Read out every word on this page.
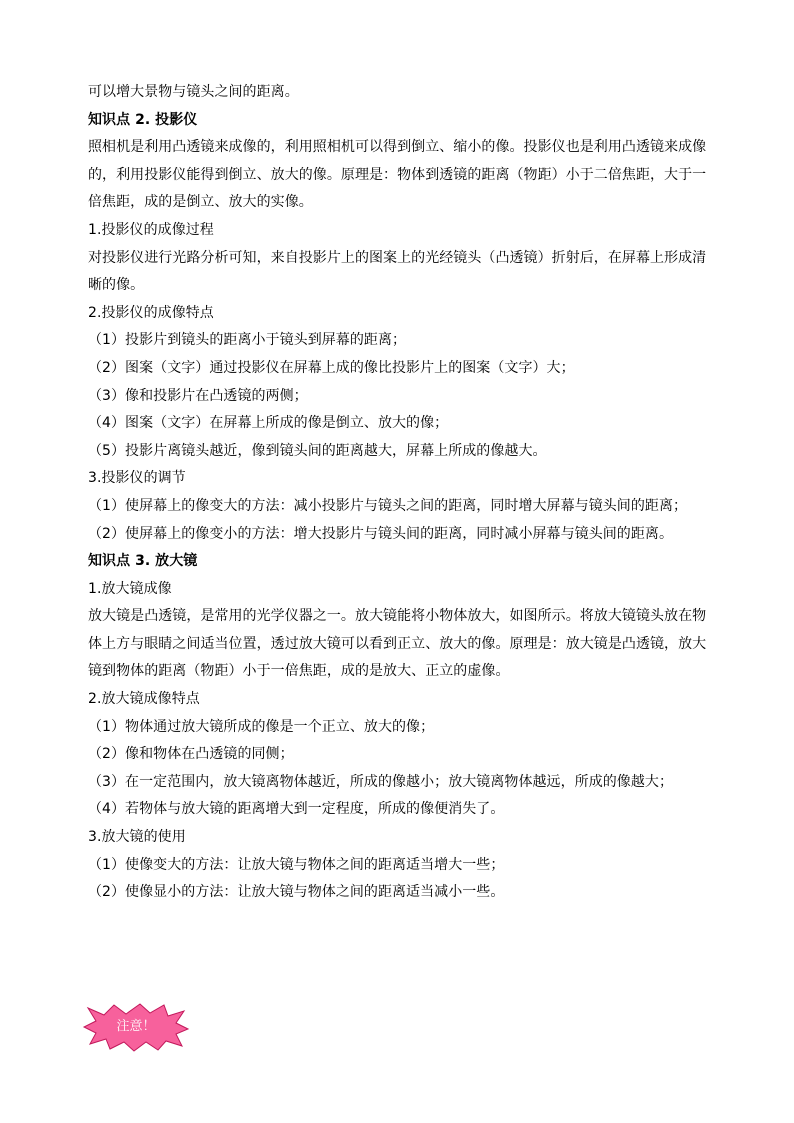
可以增大景物与镜头之间的距离。
知识点 2. 投影仪
照相机是利用凸透镜来成像的，利用照相机可以得到倒立、缩小的像。投影仪也是利用凸透镜来成像
的，利用投影仪能得到倒立、放大的像。原理是：物体到透镜的距离（物距）小于二倍焦距，大于一
倍焦距，成的是倒立、放大的实像。
1.投影仪的成像过程
对投影仪进行光路分析可知，来自投影片上的图案上的光经镜头（凸透镜）折射后，在屏幕上形成清
晰的像。
2.投影仪的成像特点
（1）投影片到镜头的距离小于镜头到屏幕的距离；
（2）图案（文字）通过投影仪在屏幕上成的像比投影片上的图案（文字）大；
（3）像和投影片在凸透镜的两侧；
（4）图案（文字）在屏幕上所成的像是倒立、放大的像；
（5）投影片离镜头越近，像到镜头间的距离越大，屏幕上所成的像越大。
3.投影仪的调节
（1）使屏幕上的像变大的方法：减小投影片与镜头之间的距离，同时增大屏幕与镜头间的距离；
（2）使屏幕上的像变小的方法：增大投影片与镜头间的距离，同时减小屏幕与镜头间的距离。
知识点 3. 放大镜
1.放大镜成像
放大镜是凸透镜，是常用的光学仪器之一。放大镜能将小物体放大，如图所示。将放大镜镜头放在物
体上方与眼睛之间适当位置，透过放大镜可以看到正立、放大的像。原理是：放大镜是凸透镜，放大
镜到物体的距离（物距）小于一倍焦距，成的是放大、正立的虚像。
2.放大镜成像特点
（1）物体通过放大镜所成的像是一个正立、放大的像；
（2）像和物体在凸透镜的同侧；
（3）在一定范围内，放大镜离物体越近，所成的像越小；放大镜离物体越远，所成的像越大；
（4）若物体与放大镜的距离增大到一定程度，所成的像便消失了。
3.放大镜的使用
（1）使像变大的方法：让放大镜与物体之间的距离适当增大一些；
（2）使像显小的方法：让放大镜与物体之间的距离适当减小一些。
注意！
